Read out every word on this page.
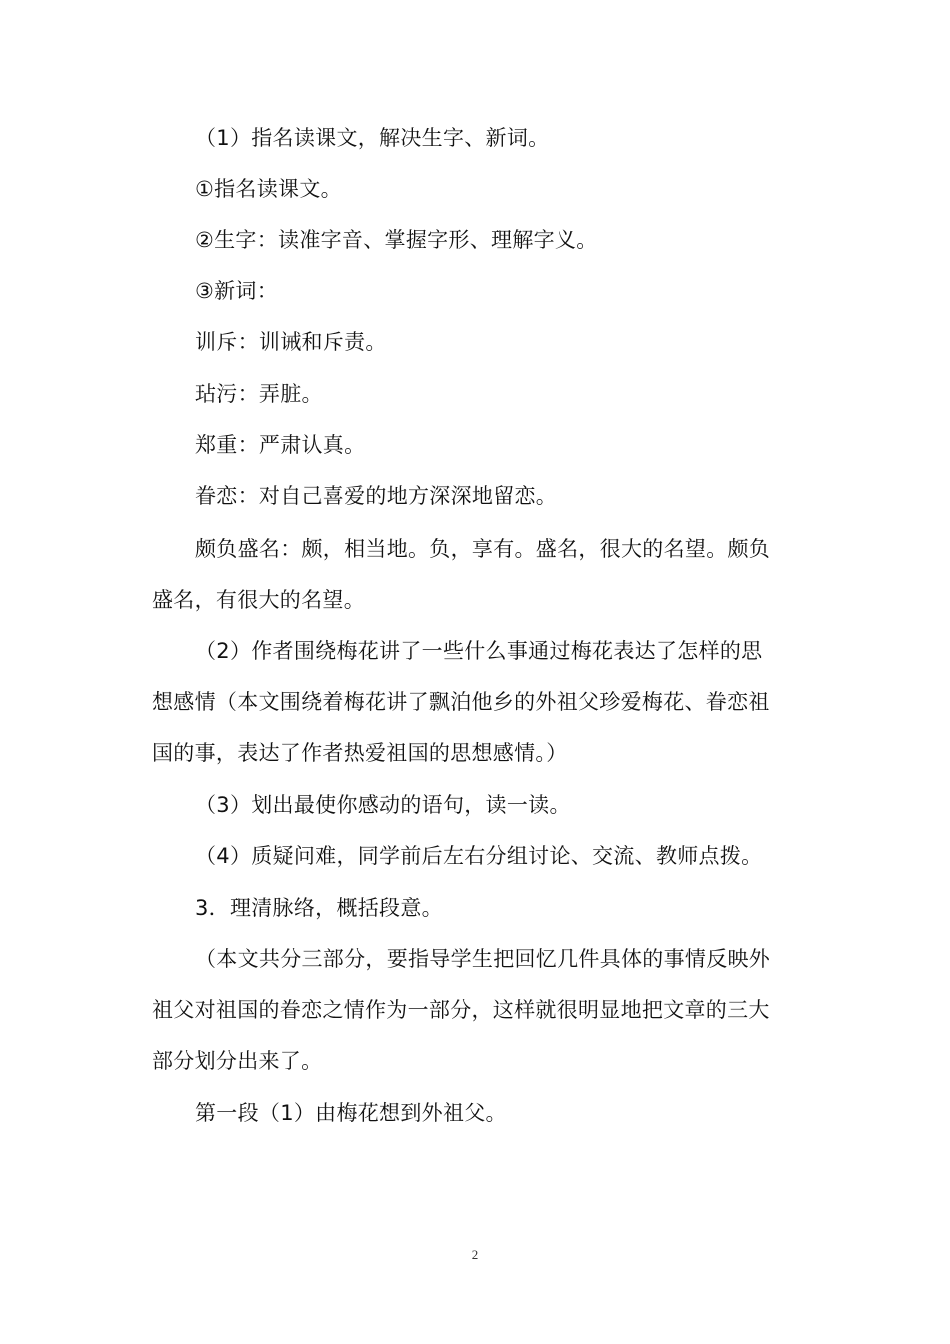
（1）指名读课文，解决生字、新词。
①指名读课文。
②生字：读准字音、掌握字形、理解字义。
③新词：
训斥：训诫和斥责。
玷污：弄脏。
郑重：严肃认真。
眷恋：对自己喜爱的地方深深地留恋。
颇负盛名：颇，相当地。负，享有。盛名，很大的名望。颇负
盛名，有很大的名望。
（2）作者围绕梅花讲了一些什么事通过梅花表达了怎样的思
想感情（本文围绕着梅花讲了飘泊他乡的外祖父珍爱梅花、眷恋祖
国的事，表达了作者热爱祖国的思想感情。）
（3）划出最使你感动的语句，读一读。
（4）质疑问难，同学前后左右分组讨论、交流、教师点拨。
3．理清脉络，概括段意。
（本文共分三部分，要指导学生把回忆几件具体的事情反映外
祖父对祖国的眷恋之情作为一部分，这样就很明显地把文章的三大
部分划分出来了。
第一段（1）由梅花想到外祖父。
2
